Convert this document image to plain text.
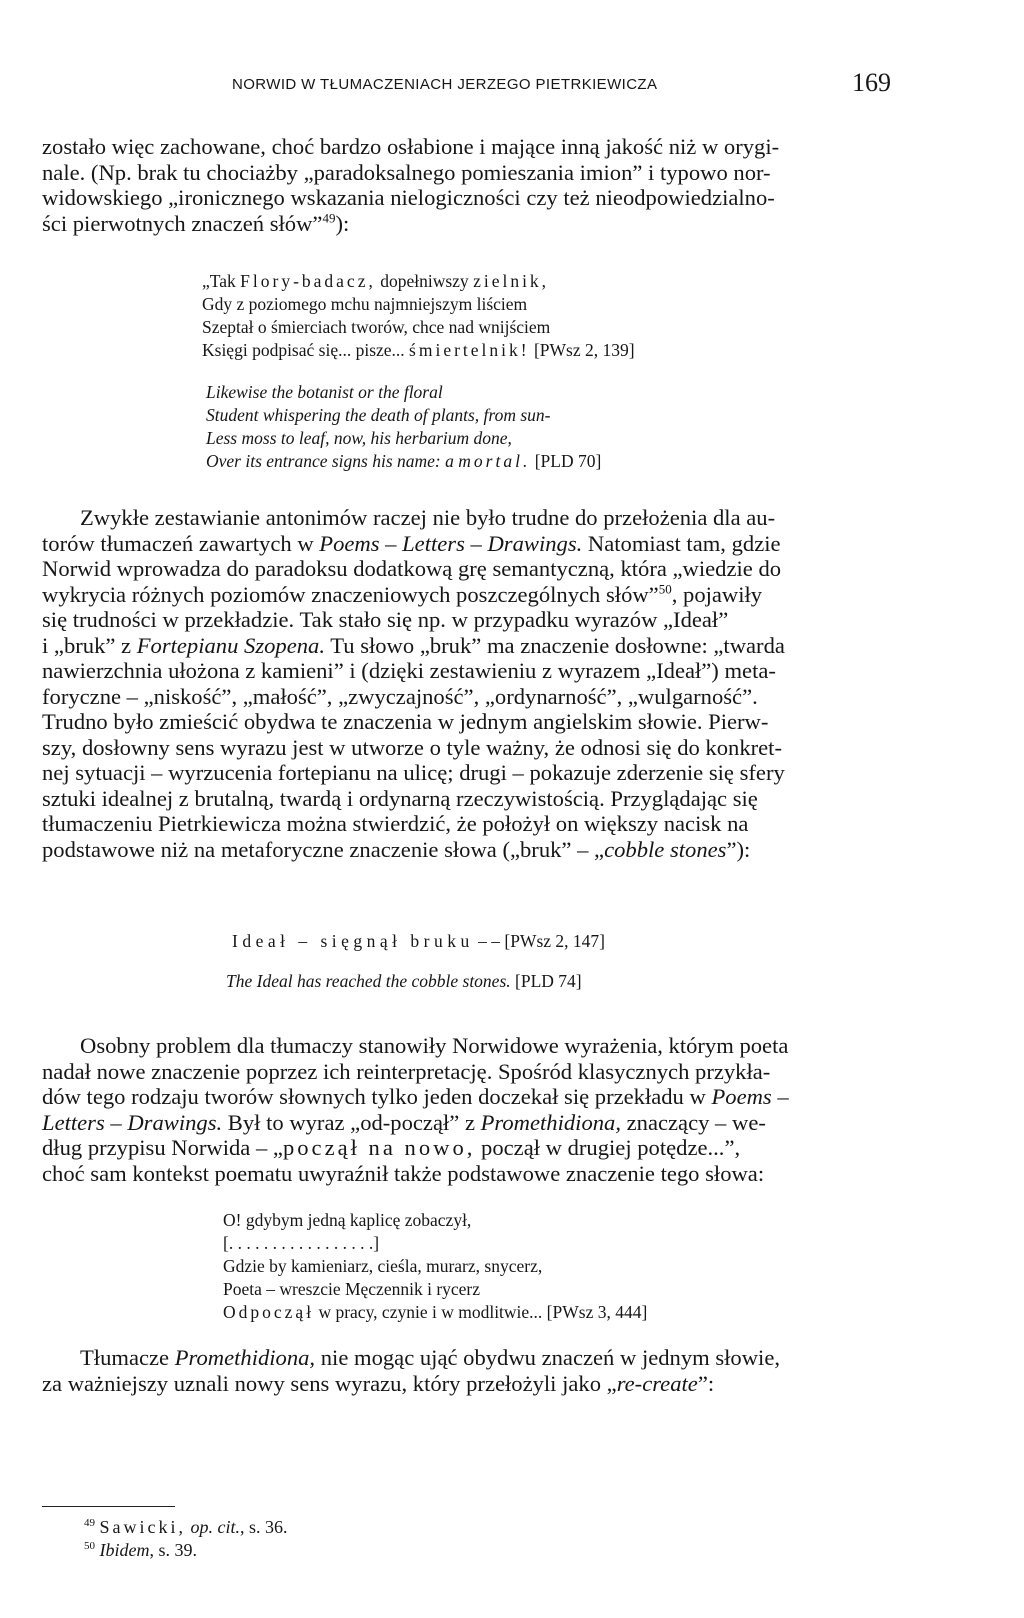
NORWID W TŁUMACZENIACH JERZEGO PIETRKIEWICZA	169

zostało więc zachowane, choć bardzo osłabione i mające inną jakość niż w orygi-

nale. (Np. brak tu chociażby „paradoksalnego pomieszania imion” i typowo nor-

widowskiego „ironicznego wskazania nielogiczności czy też nieodpowiedzialno-

ści pierwotnych znaczeń słów”$^{49}$):

„Tak Flory-badacz, dopełniwszy zielnik,

Gdy z poziomego mchu najmniejszym liściem

Szeptał o śmierciach tworów, chce nad wnijściem

Księgi podpisać się... pisze... śmiertelnik! [PWsz 2, 139]

Likewise the botanist or the floral

Student whispering the death of plants, from sun-

Less moss to leaf, now, his herbarium done,

Over its entrance signs his name: a mortal. [PLD 70]

Zwykłe zestawianie antonimów raczej nie było trudne do przełożenia dla au-

torów tłumaczeń zawartych w Poems – Letters – Drawings. Natomiast tam, gdzie

Norwid wprowadza do paradoksu dodatkową grę semantyczną, która „wiedzie do

wykrycia różnych poziomów znaczeniowych poszczególnych słów”$^{50}$, pojawiły

się trudności w przekładzie. Tak stało się np. w przypadku wyrazów „Ideał”

i „bruk” z Fortepianu Szopena. Tu słowo „bruk” ma znaczenie dosłowne: „twarda

nawierzchnia ułożona z kamieni” i (dzięki zestawieniu z wyrazem „Ideał”) meta-

foryczne – „niskość”, „małość”, „zwyczajność”, „ordynarność”, „wulgarność”.

Trudno było zmieścić obydwa te znaczenia w jednym angielskim słowie. Pierw-

szy, dosłowny sens wyrazu jest w utworze o tyle ważny, że odnosi się do konkret-

nej sytuacji – wyrzucenia fortepianu na ulicę; drugi – pokazuje zderzenie się sfery

sztuki idealnej z brutalną, twardą i ordynarną rzeczywistością. Przyglądając się

tłumaczeniu Pietrkiewicza można stwierdzić, że położył on większy nacisk na

podstawowe niż na metaforyczne znaczenie słowa („bruk” – „cobble stones”):

Ideał – sięgnął bruku – – [PWsz 2, 147]

The Ideal has reached the cobble stones. [PLD 74]

Osobny problem dla tłumaczy stanowiły Norwidowe wyrażenia, którym poeta

nadał nowe znaczenie poprzez ich reinterpretację. Spośród klasycznych przykła-

dów tego rodzaju tworów słownych tylko jeden doczekał się przekładu w Poems –

Letters – Drawings. Był to wyraz „od-począł” z Promethidiona, znaczący – we-

dług przypisu Norwida – „począł na nowo, począł w drugiej potędze...”,

choć sam kontekst poematu uwyraźnił także podstawowe znaczenie tego słowa:

O! gdybym jedną kaplicę zobaczył,

[. . . . . . . . . . . . . . . . .]

Gdzie by kamieniarz, cieśla, murarz, snycerz,

Poeta – wreszcie Męczennik i rycerz

Odpoczął w pracy, czynie i w modlitwie... [PWsz 3, 444]

Tłumacze Promethidiona, nie mogąc ująć obydwu znaczeń w jednym słowie,

za ważniejszy uznali nowy sens wyrazu, który przełożyli jako „re-create”:

$^{49}$ Sawicki, op. cit., s. 36.
$^{50}$ Ibidem, s. 39.
